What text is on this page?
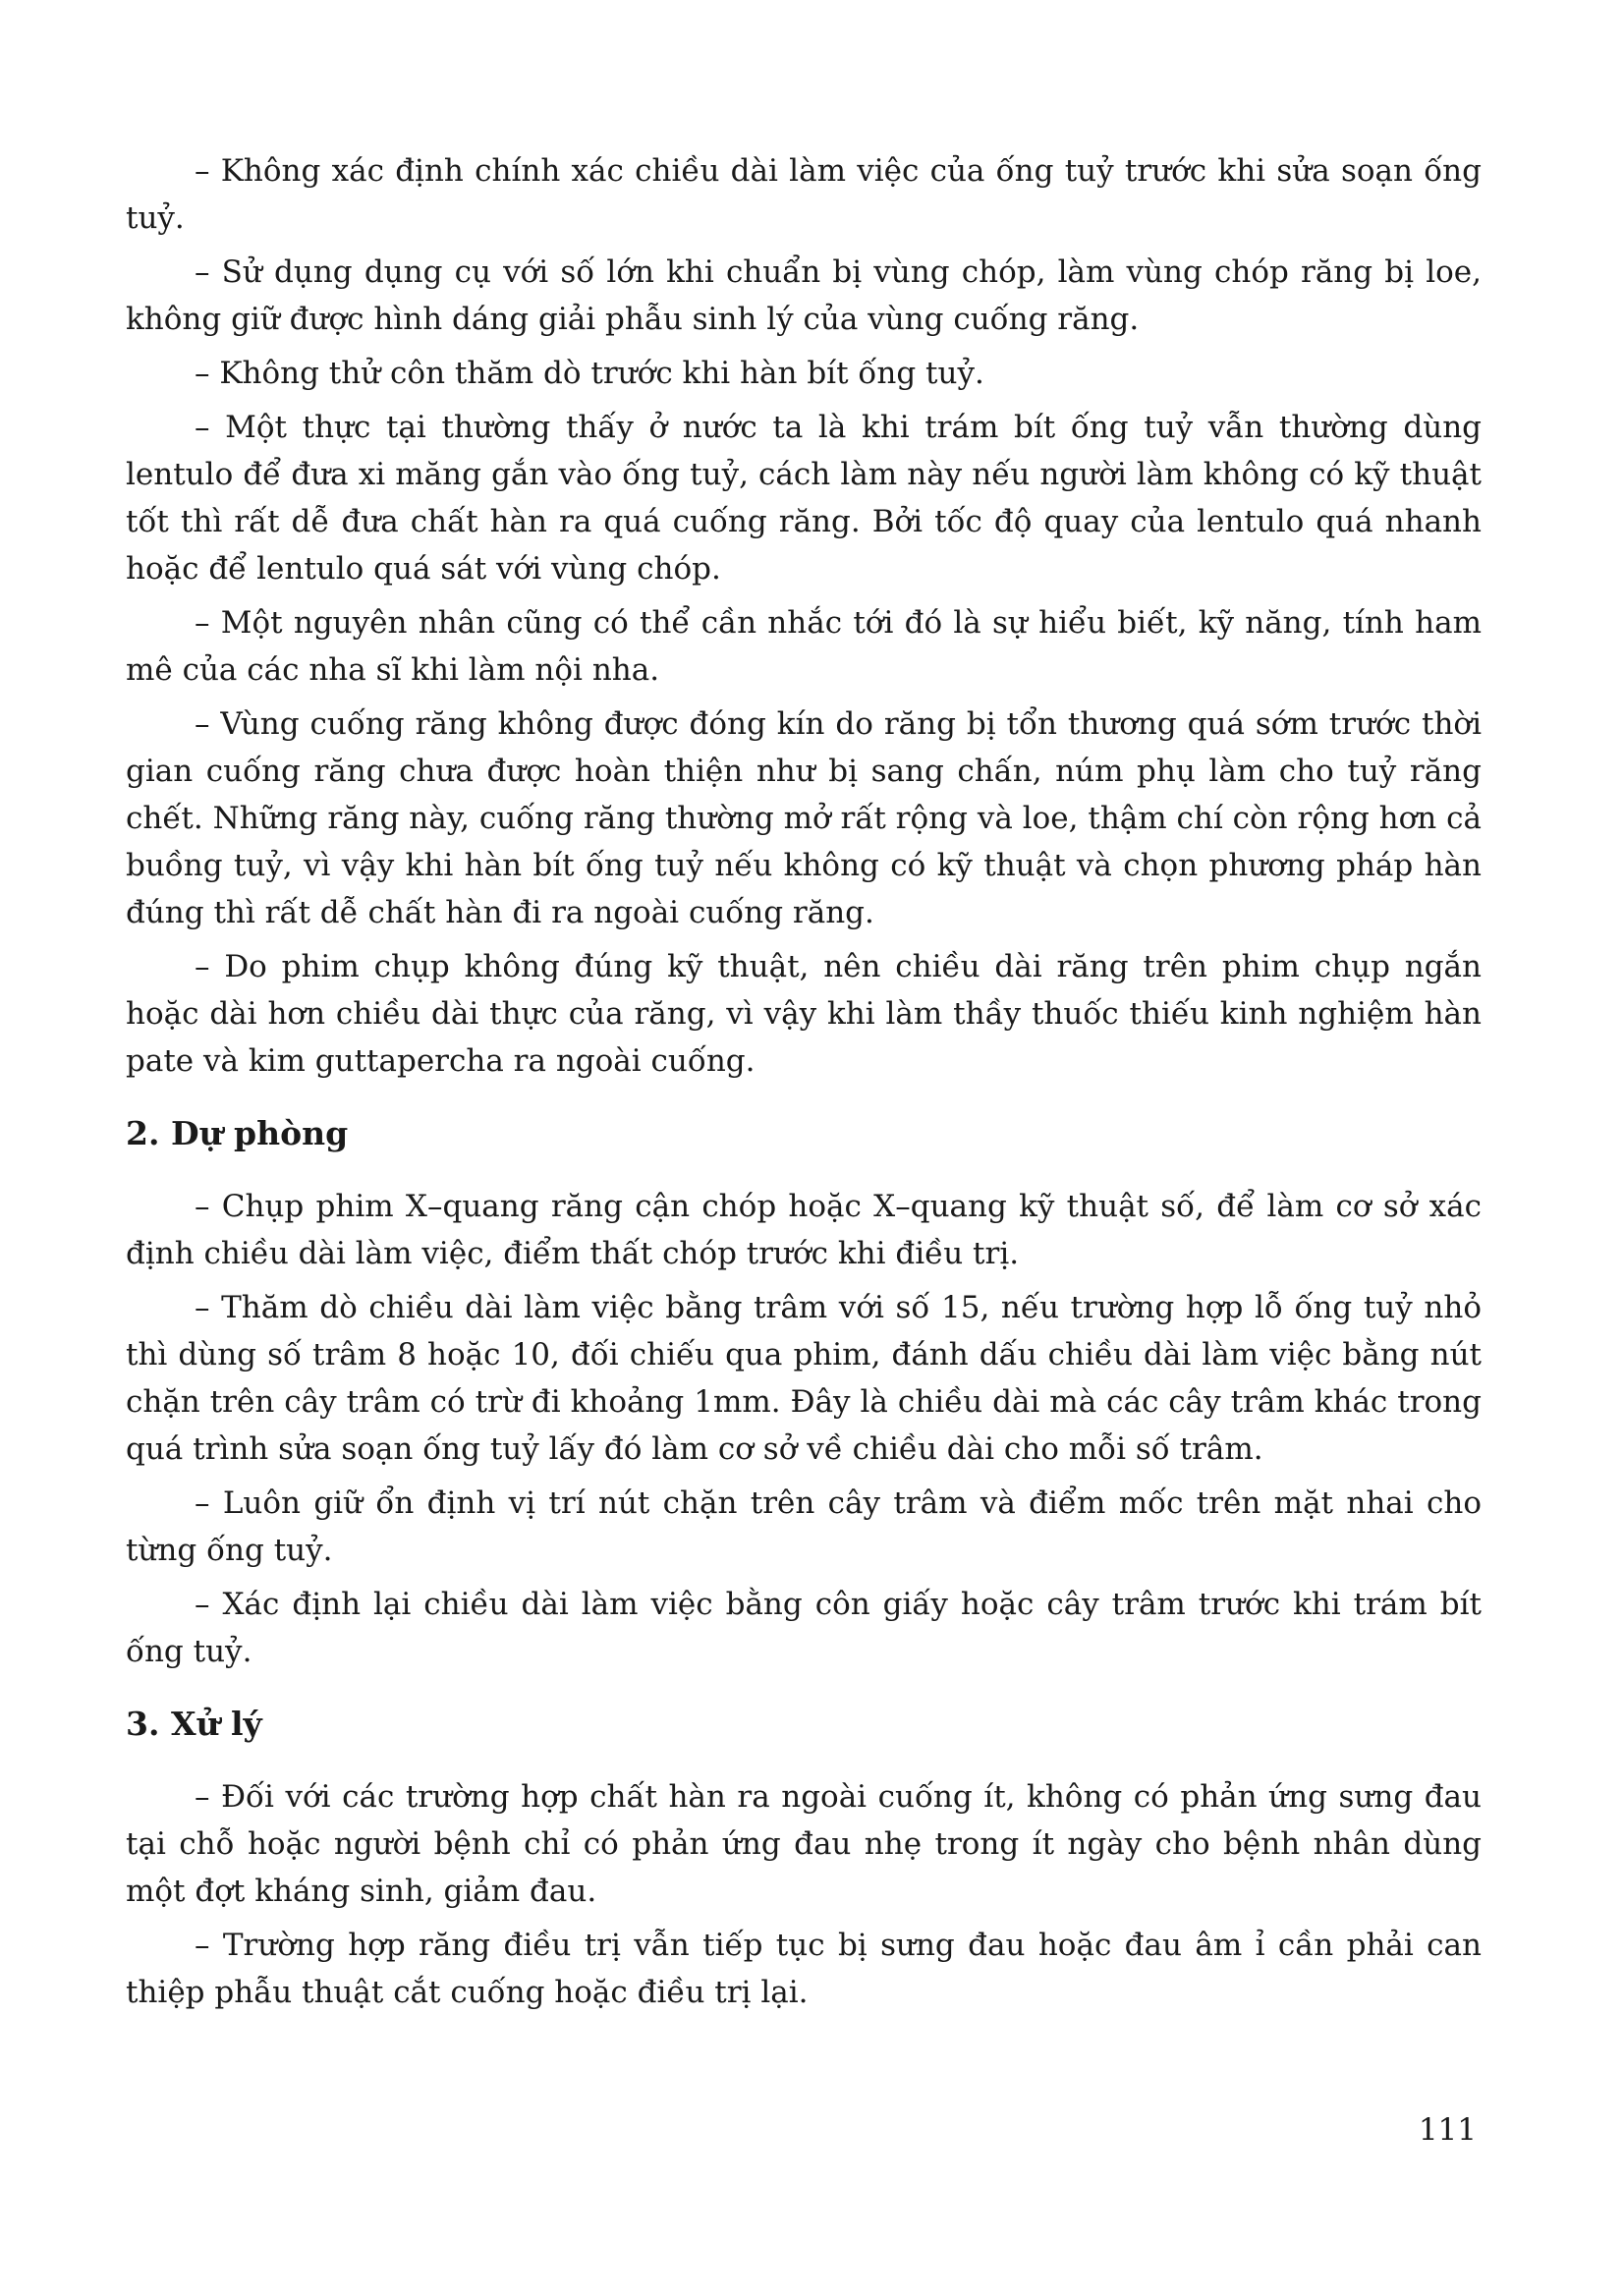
– Không xác định chính xác chiều dài làm việc của ống tuỷ trước khi sửa soạn ống tuỷ.

– Sử dụng dụng cụ với số lớn khi chuẩn bị vùng chóp, làm vùng chóp răng bị loe, không giữ được hình dáng giải phẫu sinh lý của vùng cuống răng.

– Không thử côn thăm dò trước khi hàn bít ống tuỷ.

– Một thực tại thường thấy ở nước ta là khi trám bít ống tuỷ vẫn thường dùng lentulo để đưa xi măng gắn vào ống tuỷ, cách làm này nếu người làm không có kỹ thuật tốt thì rất dễ đưa chất hàn ra quá cuống răng. Bởi tốc độ quay của lentulo quá nhanh hoặc để lentulo quá sát với vùng chóp.

– Một nguyên nhân cũng có thể cần nhắc tới đó là sự hiểu biết, kỹ năng, tính ham mê của các nha sĩ khi làm nội nha.

– Vùng cuống răng không được đóng kín do răng bị tổn thương quá sớm trước thời gian cuống răng chưa được hoàn thiện như bị sang chấn, núm phụ làm cho tuỷ răng chết. Những răng này, cuống răng thường mở rất rộng và loe, thậm chí còn rộng hơn cả buồng tuỷ, vì vậy khi hàn bít ống tuỷ nếu không có kỹ thuật và chọn phương pháp hàn đúng thì rất dễ chất hàn đi ra ngoài cuống răng.

– Do phim chụp không đúng kỹ thuật, nên chiều dài răng trên phim chụp ngắn hoặc dài hơn chiều dài thực của răng, vì vậy khi làm thầy thuốc thiếu kinh nghiệm hàn pate và kim guttapercha ra ngoài cuống.

2. Dự phòng

– Chụp phim X–quang răng cận chóp hoặc X–quang kỹ thuật số, để làm cơ sở xác định chiều dài làm việc, điểm thất chóp trước khi điều trị.

– Thăm dò chiều dài làm việc bằng trâm với số 15, nếu trường hợp lỗ ống tuỷ nhỏ thì dùng số trâm 8 hoặc 10, đối chiếu qua phim, đánh dấu chiều dài làm việc bằng nút chặn trên cây trâm có trừ đi khoảng 1mm. Đây là chiều dài mà các cây trâm khác trong quá trình sửa soạn ống tuỷ lấy đó làm cơ sở về chiều dài cho mỗi số trâm.

– Luôn giữ ổn định vị trí nút chặn trên cây trâm và điểm mốc trên mặt nhai cho từng ống tuỷ.

– Xác định lại chiều dài làm việc bằng côn giấy hoặc cây trâm trước khi trám bít ống tuỷ.

3. Xử lý

– Đối với các trường hợp chất hàn ra ngoài cuống ít, không có phản ứng sưng đau tại chỗ hoặc người bệnh chỉ có phản ứng đau nhẹ trong ít ngày cho bệnh nhân dùng một đợt kháng sinh, giảm đau.

– Trường hợp răng điều trị vẫn tiếp tục bị sưng đau hoặc đau âm ỉ cần phải can thiệp phẫu thuật cắt cuống hoặc điều trị lại.

111
